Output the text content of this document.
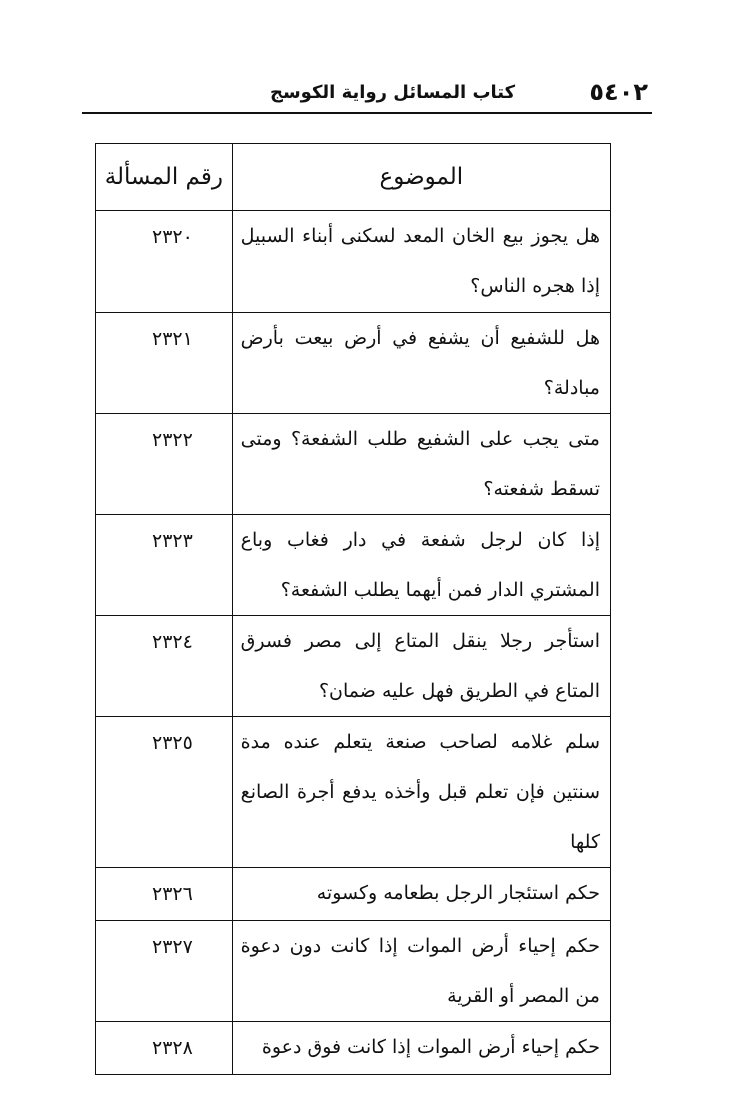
٥٤٠٢
كتاب المسائل رواية الكوسج
الموضوع	رقم المسألة
هل يجوز بيع الخان المعد لسكنى أبناء السبيل إذا هجره الناس؟	٢٣٢٠
هل للشفيع أن يشفع في أرض بيعت بأرض مبادلة؟	٢٣٢١
متى يجب على الشفيع طلب الشفعة؟ ومتى تسقط شفعته؟	٢٣٢٢
إذا كان لرجل شفعة في دار فغاب وباع المشتري الدار فمن أيهما يطلب الشفعة؟	٢٣٢٣
استأجر رجلا ينقل المتاع إلى مصر فسرق المتاع في الطريق فهل عليه ضمان؟	٢٣٢٤
سلم غلامه لصاحب صنعة يتعلم عنده مدة سنتين فإن تعلم قبل وأخذه يدفع أجرة الصانع كلها	٢٣٢٥
حكم استئجار الرجل بطعامه وكسوته	٢٣٢٦
حكم إحياء أرض الموات إذا كانت دون دعوة من المصر أو القرية	٢٣٢٧
حكم إحياء أرض الموات إذا كانت فوق دعوة	٢٣٢٨
